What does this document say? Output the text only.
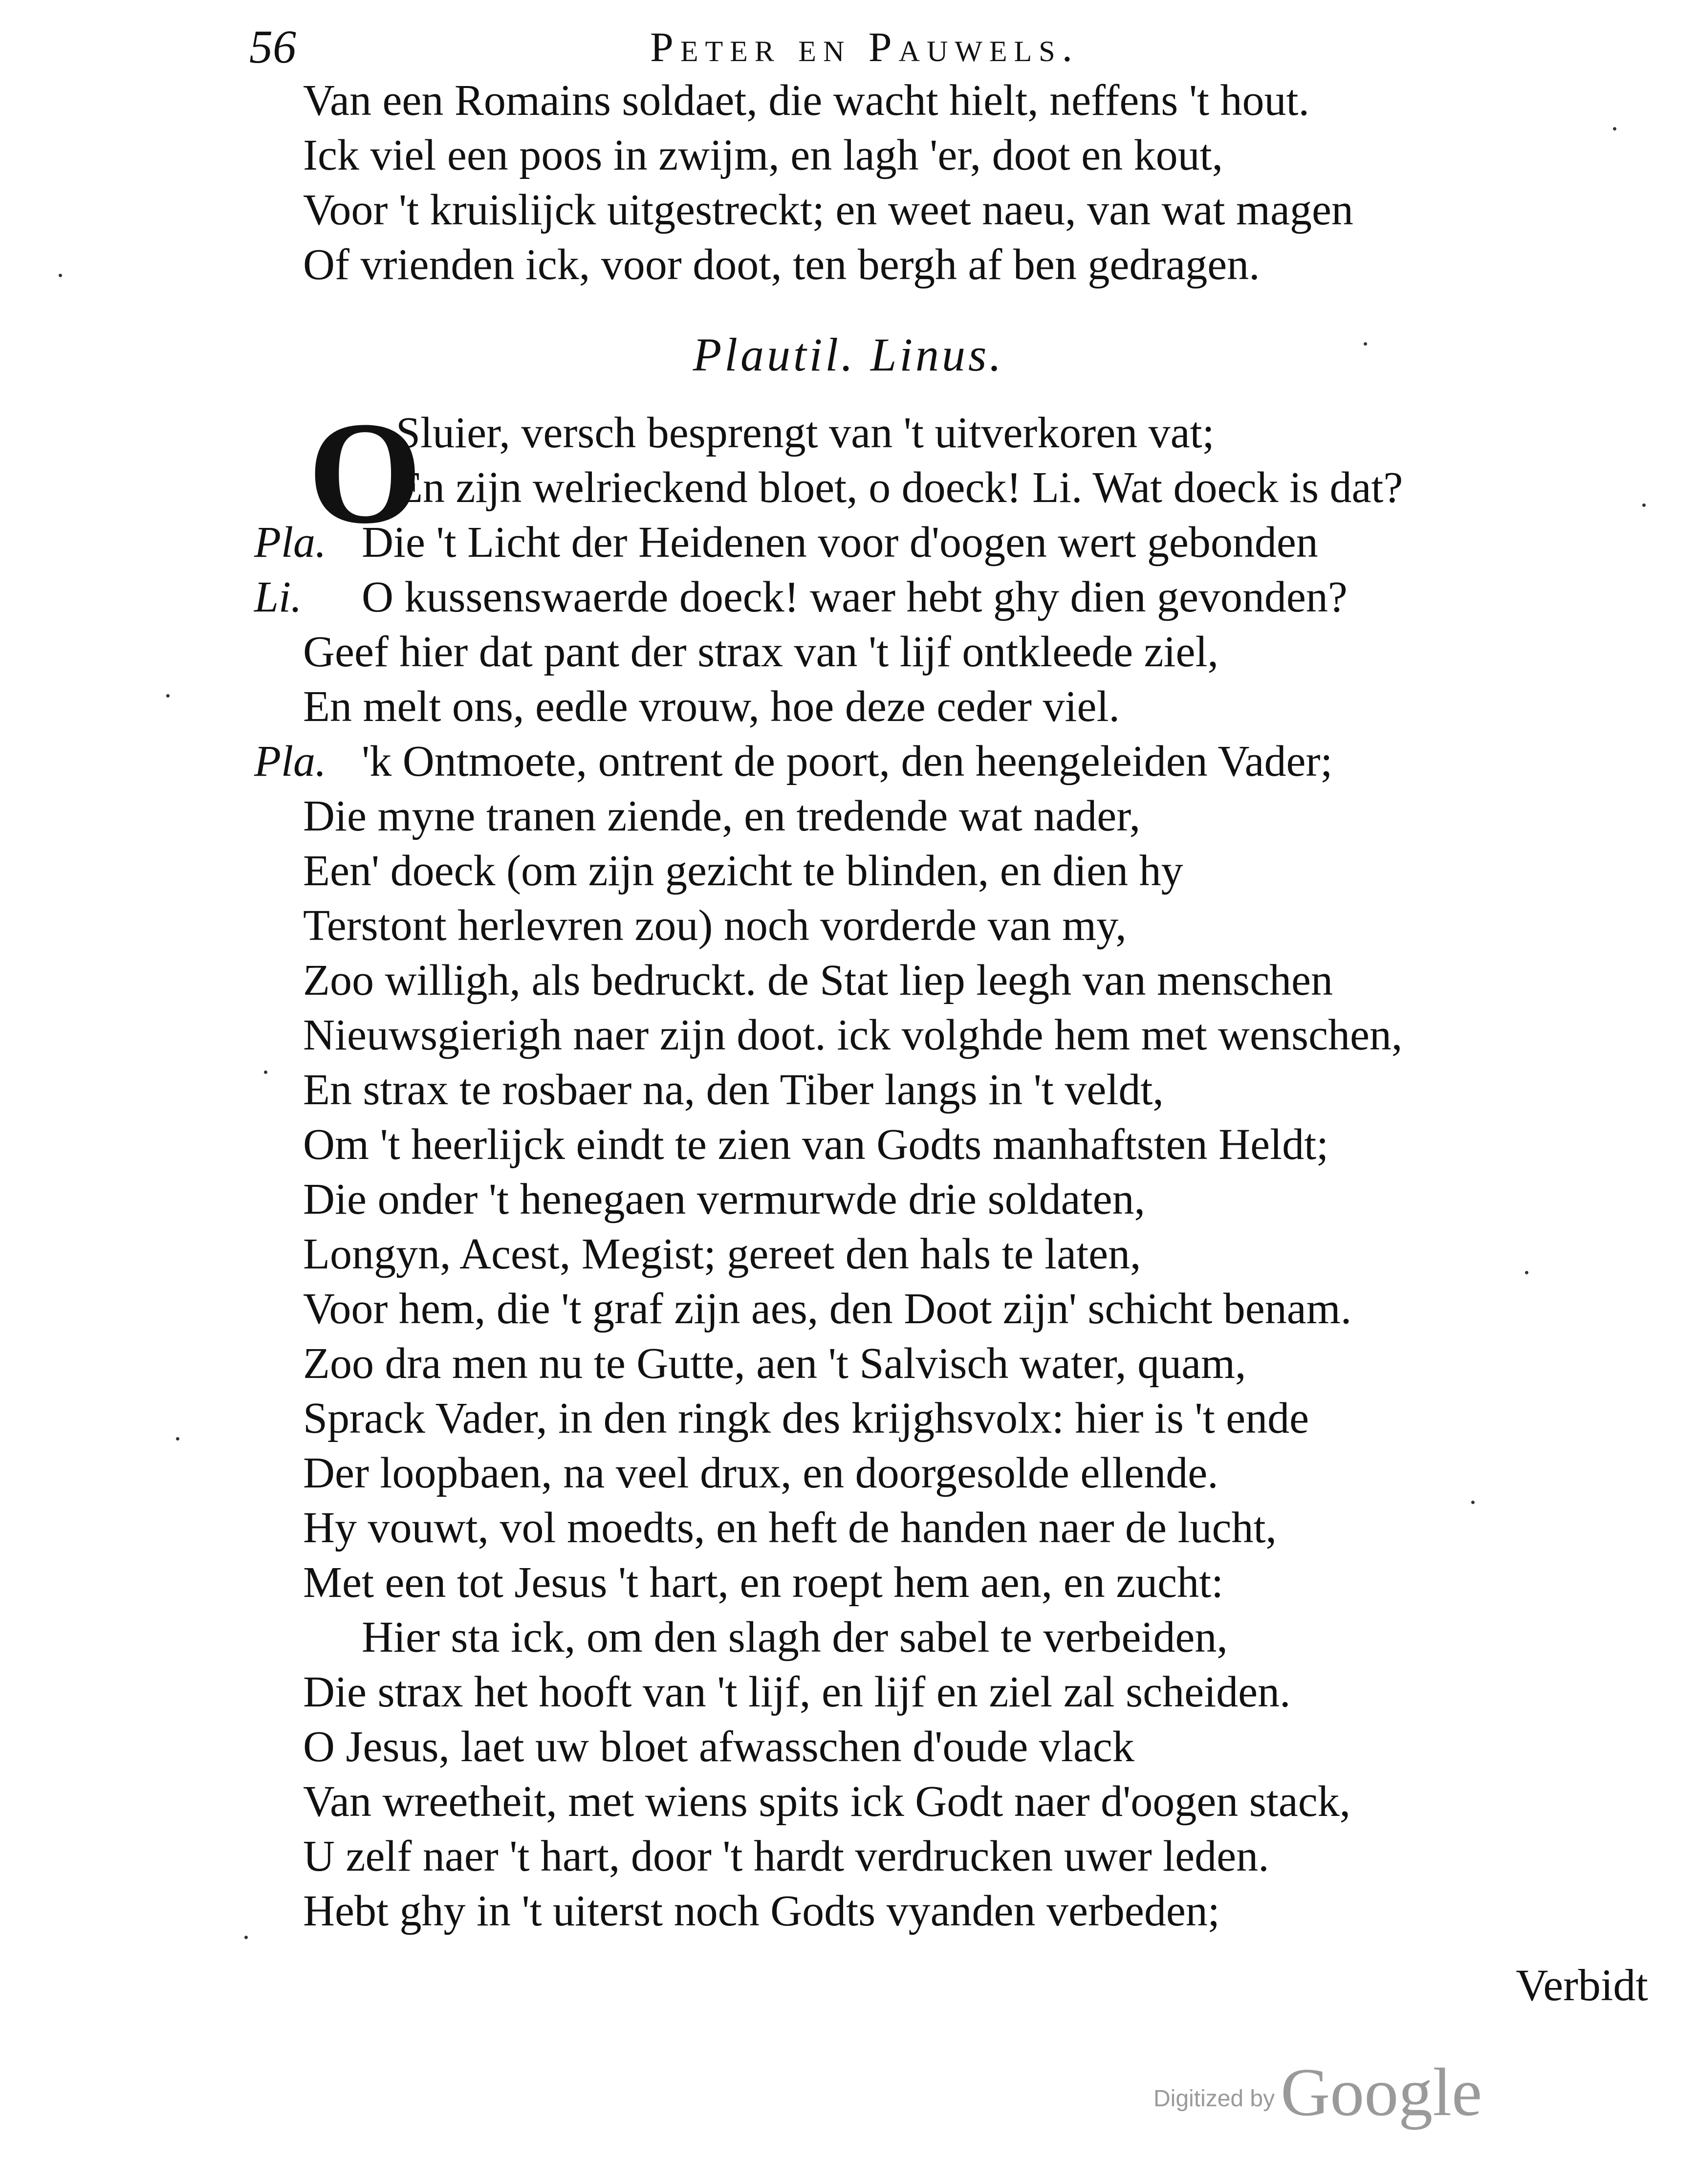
56	Peter en Pauwels.
Van een Romains soldaet, die wacht hielt, neffens 't hout.
Ick viel een poos in zwijm, en lagh 'er, doot en kout,
Voor 't kruislijck uitgestreckt; en weet naeu, van wat magen
Of vrienden ick, voor doot, ten bergh af ben gedragen.
Plautil. Linus.
O
Sluier, versch besprengt van 't uitverkoren vat;
En zijn welrieckend bloet, o doeck! Li. Wat doeck is dat?
Pla. Die 't Licht der Heidenen voor d'oogen wert gebonden
Li. O kussenswaerde doeck! waer hebt ghy dien gevonden?
Geef hier dat pant der strax van 't lijf ontkleede ziel,
En melt ons, eedle vrouw, hoe deze ceder viel.
Pla. 'k Ontmoete, ontrent de poort, den heengeleiden Vader;
Die myne tranen ziende, en tredende wat nader,
Een' doeck (om zijn gezicht te blinden, en dien hy
Terstont herlevren zou) noch vorderde van my,
Zoo willigh, als bedruckt. de Stat liep leegh van menschen
Nieuwsgierigh naer zijn doot. ick volghde hem met wenschen,
En strax te rosbaer na, den Tiber langs in 't veldt,
Om 't heerlijck eindt te zien van Godts manhaftsten Heldt;
Die onder 't henegaen vermurwde drie soldaten,
Longyn, Acest, Megist; gereet den hals te laten,
Voor hem, die 't graf zijn aes, den Doot zijn' schicht benam.
Zoo dra men nu te Gutte, aen 't Salvisch water, quam,
Sprack Vader, in den ringk des krijghsvolx: hier is 't ende
Der loopbaen, na veel drux, en doorgesolde ellende.
Hy vouwt, vol moedts, en heft de handen naer de lucht,
Met een tot Jesus 't hart, en roept hem aen, en zucht:
Hier sta ick, om den slagh der sabel te verbeiden,
Die strax het hooft van 't lijf, en lijf en ziel zal scheiden.
O Jesus, laet uw bloet afwasschen d'oude vlack
Van wreetheit, met wiens spits ick Godt naer d'oogen stack,
U zelf naer 't hart, door 't hardt verdrucken uwer leden.
Hebt ghy in 't uiterst noch Godts vyanden verbeden;
Verbidt
Digitized byGoogle
